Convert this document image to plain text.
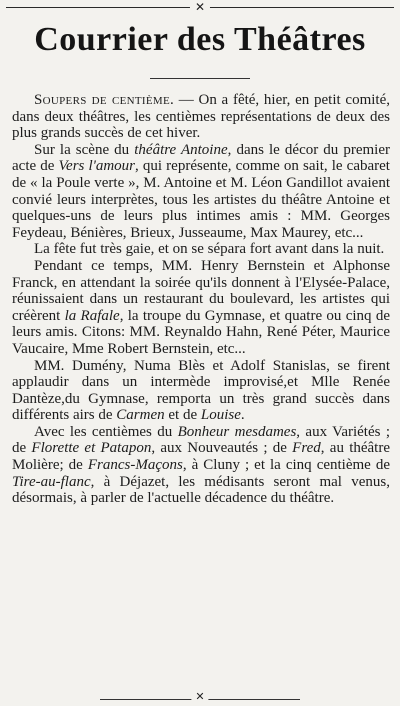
✕
Courrier des Théâtres

Soupers de centième. — On a fêté, hier, en petit comité, dans deux théâtres, les centièmes représentations de deux des plus grands succès de cet hiver.

Sur la scène du théâtre Antoine, dans le décor du premier acte de Vers l'amour, qui représente, comme on sait, le cabaret de « la Poule verte », M. Antoine et M. Léon Gandillot avaient convié leurs interprètes, tous les artistes du théâtre Antoine et quelques-uns de leurs plus intimes amis : MM. Georges Feydeau, Bénières, Brieux, Jusseaume, Max Maurey, etc...

La fête fut très gaie, et on se sépara fort avant dans la nuit.

Pendant ce temps, MM. Henry Bernstein et Alphonse Franck, en attendant la soirée qu'ils donnent à l'Elysée-Palace, réunissaient dans un restaurant du boulevard, les artistes qui créèrent la Rafale, la troupe du Gymnase, et quatre ou cinq de leurs amis. Citons: MM. Reynaldo Hahn, René Péter, Maurice Vaucaire, Mme Robert Bernstein, etc...

MM. Dumény, Numa Blès et Adolf Stanislas, se firent applaudir dans un intermède improvisé,et Mlle Renée Dantèze,du Gymnase, remporta un très grand succès dans différents airs de Carmen et de Louise.

Avec les centièmes du Bonheur mesdames, aux Variétés ; de Florette et Patapon, aux Nouveautés ; de Fred, au théâtre Molière; de Francs-Maçons, à Cluny ; et la cinq centième de Tire-au-flanc, à Déjazet, les médisants seront mal venus, désormais, à parler de l'actuelle décadence du théâtre.

✕
